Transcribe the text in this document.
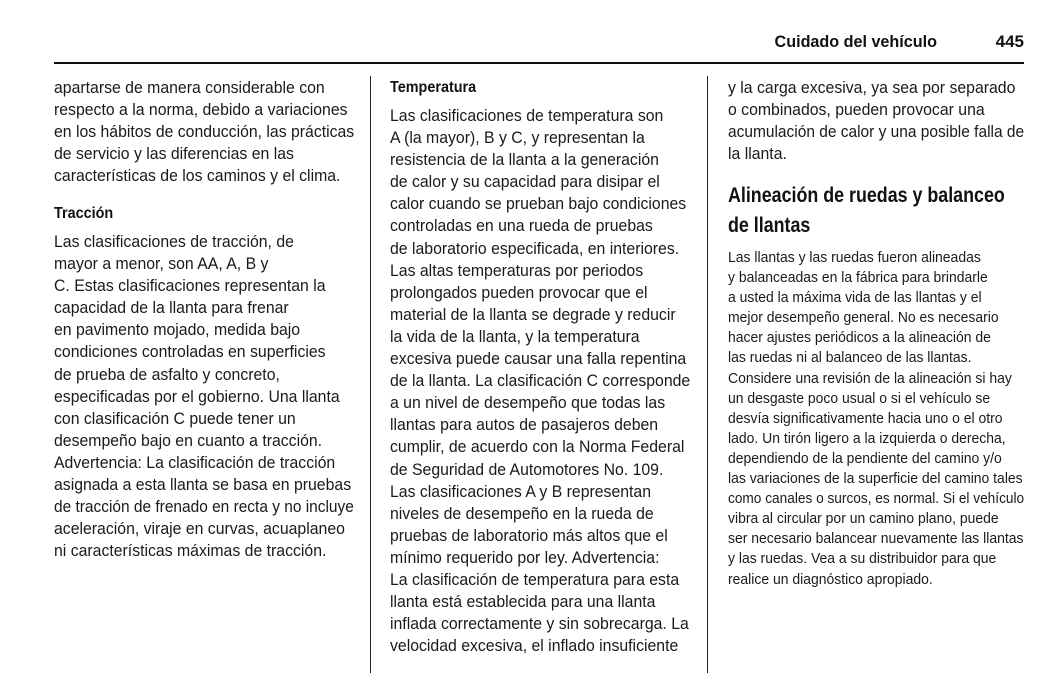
Cuidado del vehículo	445
apartarse de manera considerable con
respecto a la norma, debido a variaciones
en los hábitos de conducción, las prácticas
de servicio y las diferencias en las
características de los caminos y el clima.
Tracción
Las clasificaciones de tracción, de
mayor a menor, son AA, A, B y
C. Estas clasificaciones representan la
capacidad de la llanta para frenar
en pavimento mojado, medida bajo
condiciones controladas en superficies
de prueba de asfalto y concreto,
especificadas por el gobierno. Una llanta
con clasificación C puede tener un
desempeño bajo en cuanto a tracción.
Advertencia: La clasificación de tracción
asignada a esta llanta se basa en pruebas
de tracción de frenado en recta y no incluye
aceleración, viraje en curvas, acuaplaneo
ni características máximas de tracción.
Temperatura
Las clasificaciones de temperatura son
A (la mayor), B y C, y representan la
resistencia de la llanta a la generación
de calor y su capacidad para disipar el
calor cuando se prueban bajo condiciones
controladas en una rueda de pruebas
de laboratorio especificada, en interiores.
Las altas temperaturas por periodos
prolongados pueden provocar que el
material de la llanta se degrade y reducir
la vida de la llanta, y la temperatura
excesiva puede causar una falla repentina
de la llanta. La clasificación C corresponde
a un nivel de desempeño que todas las
llantas para autos de pasajeros deben
cumplir, de acuerdo con la Norma Federal
de Seguridad de Automotores No. 109.
Las clasificaciones A y B representan
niveles de desempeño en la rueda de
pruebas de laboratorio más altos que el
mínimo requerido por ley. Advertencia:
La clasificación de temperatura para esta
llanta está establecida para una llanta
inflada correctamente y sin sobrecarga. La
velocidad excesiva, el inflado insuficiente
y la carga excesiva, ya sea por separado
o combinados, pueden provocar una
acumulación de calor y una posible falla de
la llanta.
Alineación de ruedas y balanceo
de llantas
Las llantas y las ruedas fueron alineadas
y balanceadas en la fábrica para brindarle
a usted la máxima vida de las llantas y el
mejor desempeño general. No es necesario
hacer ajustes periódicos a la alineación de
las ruedas ni al balanceo de las llantas.
Considere una revisión de la alineación si hay
un desgaste poco usual o si el vehículo se
desvía significativamente hacia uno o el otro
lado. Un tirón ligero a la izquierda o derecha,
dependiendo de la pendiente del camino y/o
las variaciones de la superficie del camino tales
como canales o surcos, es normal. Si el vehículo
vibra al circular por un camino plano, puede
ser necesario balancear nuevamente las llantas
y las ruedas. Vea a su distribuidor para que
realice un diagnóstico apropiado.
